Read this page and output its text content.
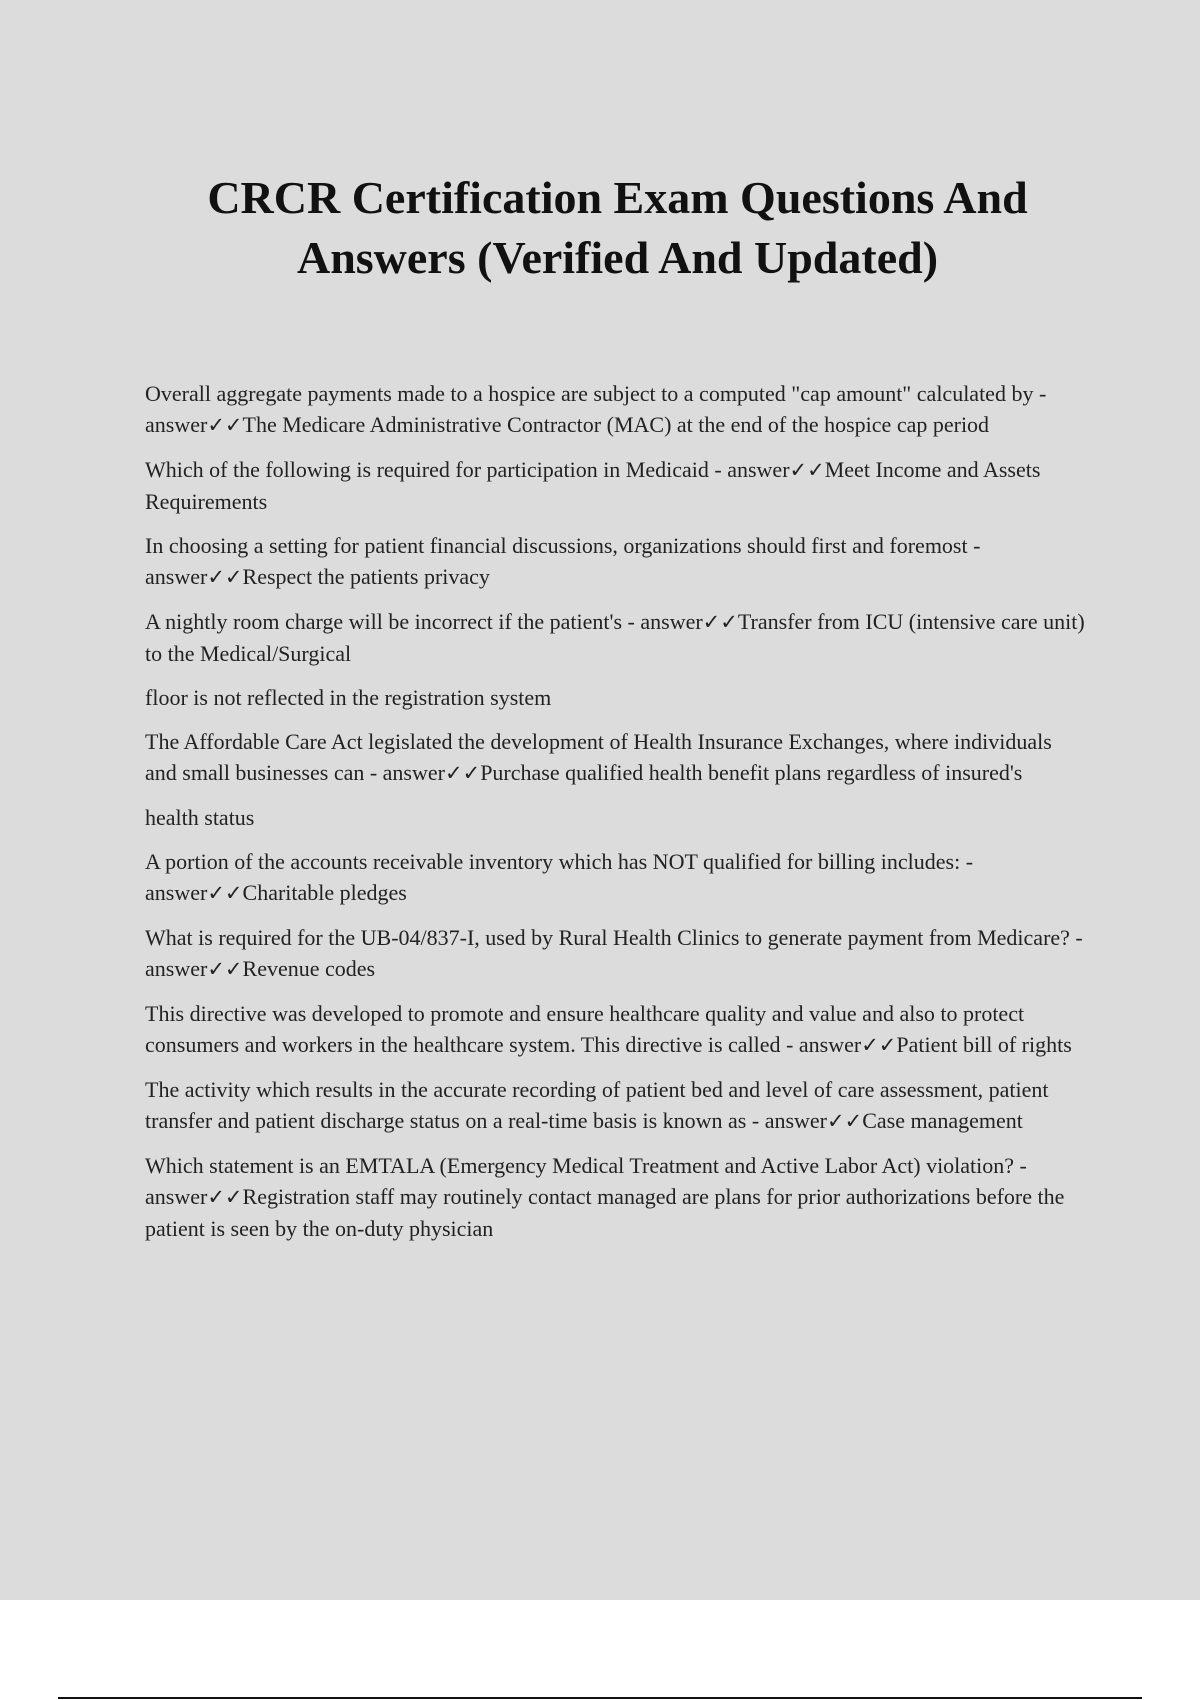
CRCR Certification Exam Questions And Answers (Verified And Updated)

Overall aggregate payments made to a hospice are subject to a computed "cap amount" calculated by - answer✓✓The Medicare Administrative Contractor (MAC) at the end of the hospice cap period

Which of the following is required for participation in Medicaid - answer✓✓Meet Income and Assets Requirements

In choosing a setting for patient financial discussions, organizations should first and foremost - answer✓✓Respect the patients privacy

A nightly room charge will be incorrect if the patient's - answer✓✓Transfer from ICU (intensive care unit) to the Medical/Surgical

floor is not reflected in the registration system

The Affordable Care Act legislated the development of Health Insurance Exchanges, where individuals and small businesses can - answer✓✓Purchase qualified health benefit plans regardless of insured's

health status

A portion of the accounts receivable inventory which has NOT qualified for billing includes: - answer✓✓Charitable pledges

What is required for the UB-04/837-I, used by Rural Health Clinics to generate payment from Medicare? - answer✓✓Revenue codes

This directive was developed to promote and ensure healthcare quality and value and also to protect consumers and workers in the healthcare system. This directive is called - answer✓✓Patient bill of rights

The activity which results in the accurate recording of patient bed and level of care assessment, patient transfer and patient discharge status on a real-time basis is known as - answer✓✓Case management

Which statement is an EMTALA (Emergency Medical Treatment and Active Labor Act) violation? - answer✓✓Registration staff may routinely contact managed are plans for prior authorizations before the patient is seen by the on-duty physician
